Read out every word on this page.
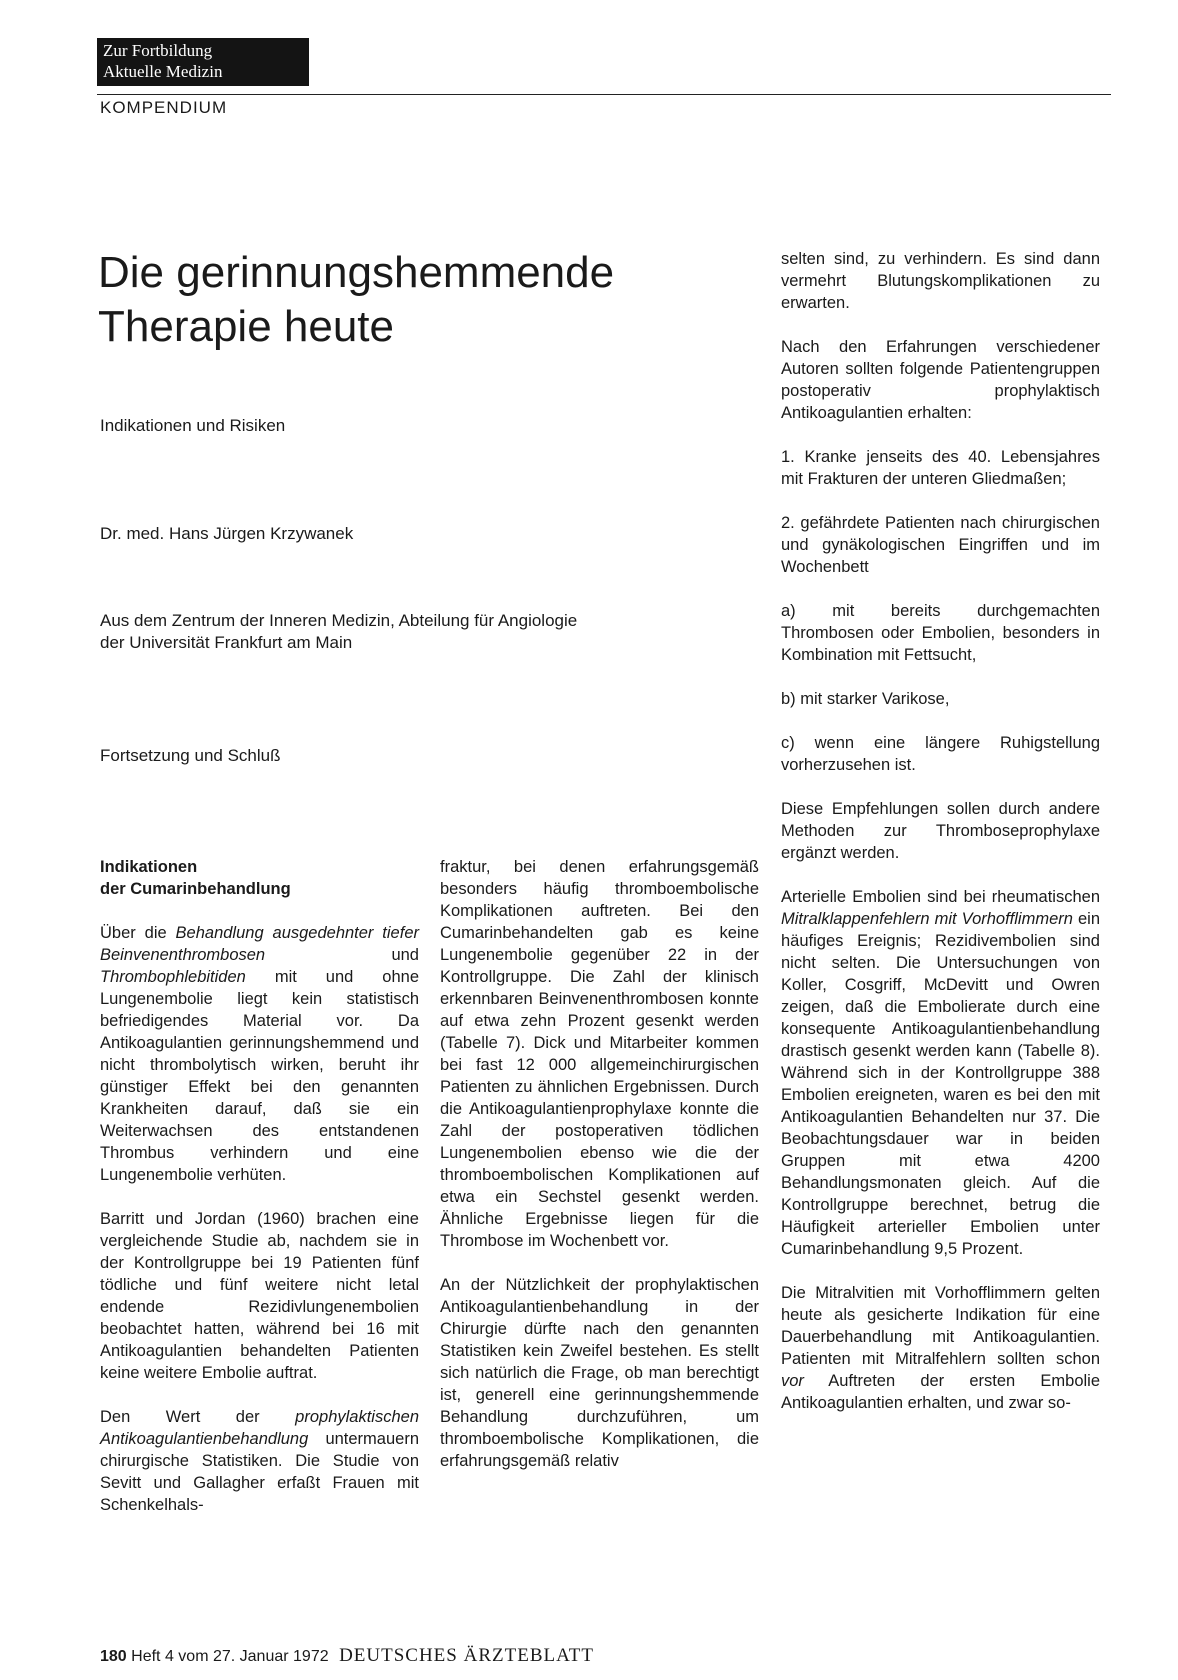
Zur Fortbildung
Aktuelle Medizin
KOMPENDIUM
Die gerinnungshemmende
Therapie heute
Indikationen und Risiken
Dr. med. Hans Jürgen Krzywanek
Aus dem Zentrum der Inneren Medizin, Abteilung für Angiologie
der Universität Frankfurt am Main
Fortsetzung und Schluß

Indikationen
der Cumarinbehandlung

Über die Behandlung ausgedehnter tiefer Beinvenenthrombosen und Thrombophlebitiden mit und ohne Lungenembolie liegt kein statistisch befriedigendes Material vor. Da Antikoagulantien gerinnungshemmend und nicht thrombolytisch wirken, beruht ihr günstiger Effekt bei den genannten Krankheiten darauf, daß sie ein Weiterwachsen des entstandenen Thrombus verhindern und eine Lungenembolie verhüten.

Barritt und Jordan (1960) brachen eine vergleichende Studie ab, nachdem sie in der Kontrollgruppe bei 19 Patienten fünf tödliche und fünf weitere nicht letal endende Rezidivlungenembolien beobachtet hatten, während bei 16 mit Antikoagulantien behandelten Patienten keine weitere Embolie auftrat.

Den Wert der prophylaktischen Antikoagulantienbehandlung untermauern chirurgische Statistiken. Die Studie von Sevitt und Gallagher erfaßt Frauen mit Schenkelhals-

fraktur, bei denen erfahrungsgemäß besonders häufig thromboembolische Komplikationen auftreten. Bei den Cumarinbehandelten gab es keine Lungenembolie gegenüber 22 in der Kontrollgruppe. Die Zahl der klinisch erkennbaren Beinvenenthrombosen konnte auf etwa zehn Prozent gesenkt werden (Tabelle 7). Dick und Mitarbeiter kommen bei fast 12 000 allgemeinchirurgischen Patienten zu ähnlichen Ergebnissen. Durch die Antikoagulantienprophylaxe konnte die Zahl der postoperativen tödlichen Lungenembolien ebenso wie die der thromboembolischen Komplikationen auf etwa ein Sechstel gesenkt werden. Ähnliche Ergebnisse liegen für die Thrombose im Wochenbett vor.

An der Nützlichkeit der prophylaktischen Antikoagulantienbehandlung in der Chirurgie dürfte nach den genannten Statistiken kein Zweifel bestehen. Es stellt sich natürlich die Frage, ob man berechtigt ist, generell eine gerinnungshemmende Behandlung durchzuführen, um thromboembolische Komplikationen, die erfahrungsgemäß relativ

selten sind, zu verhindern. Es sind dann vermehrt Blutungskomplikationen zu erwarten.

Nach den Erfahrungen verschiedener Autoren sollten folgende Patientengruppen postoperativ prophylaktisch Antikoagulantien erhalten:

1. Kranke jenseits des 40. Lebensjahres mit Frakturen der unteren Gliedmaßen;

2. gefährdete Patienten nach chirurgischen und gynäkologischen Eingriffen und im Wochenbett

a) mit bereits durchgemachten Thrombosen oder Embolien, besonders in Kombination mit Fettsucht,

b) mit starker Varikose,

c) wenn eine längere Ruhigstellung vorherzusehen ist.

Diese Empfehlungen sollen durch andere Methoden zur Thromboseprophylaxe ergänzt werden.

Arterielle Embolien sind bei rheumatischen Mitralklappenfehlern mit Vorhofflimmern ein häufiges Ereignis; Rezidivembolien sind nicht selten. Die Untersuchungen von Koller, Cosgriff, McDevitt und Owren zeigen, daß die Embolierate durch eine konsequente Antikoagulantienbehandlung drastisch gesenkt werden kann (Tabelle 8). Während sich in der Kontrollgruppe 388 Embolien ereigneten, waren es bei den mit Antikoagulantien Behandelten nur 37. Die Beobachtungsdauer war in beiden Gruppen mit etwa 4200 Behandlungsmonaten gleich. Auf die Kontrollgruppe berechnet, betrug die Häufigkeit arterieller Embolien unter Cumarinbehandlung 9,5 Prozent.

Die Mitralvitien mit Vorhofflimmern gelten heute als gesicherte Indikation für eine Dauerbehandlung mit Antikoagulantien. Patienten mit Mitralfehlern sollten schon vor Auftreten der ersten Embolie Antikoagulantien erhalten, und zwar so-

180 Heft 4 vom 27. Januar 1972 DEUTSCHES ÄRZTEBLATT
